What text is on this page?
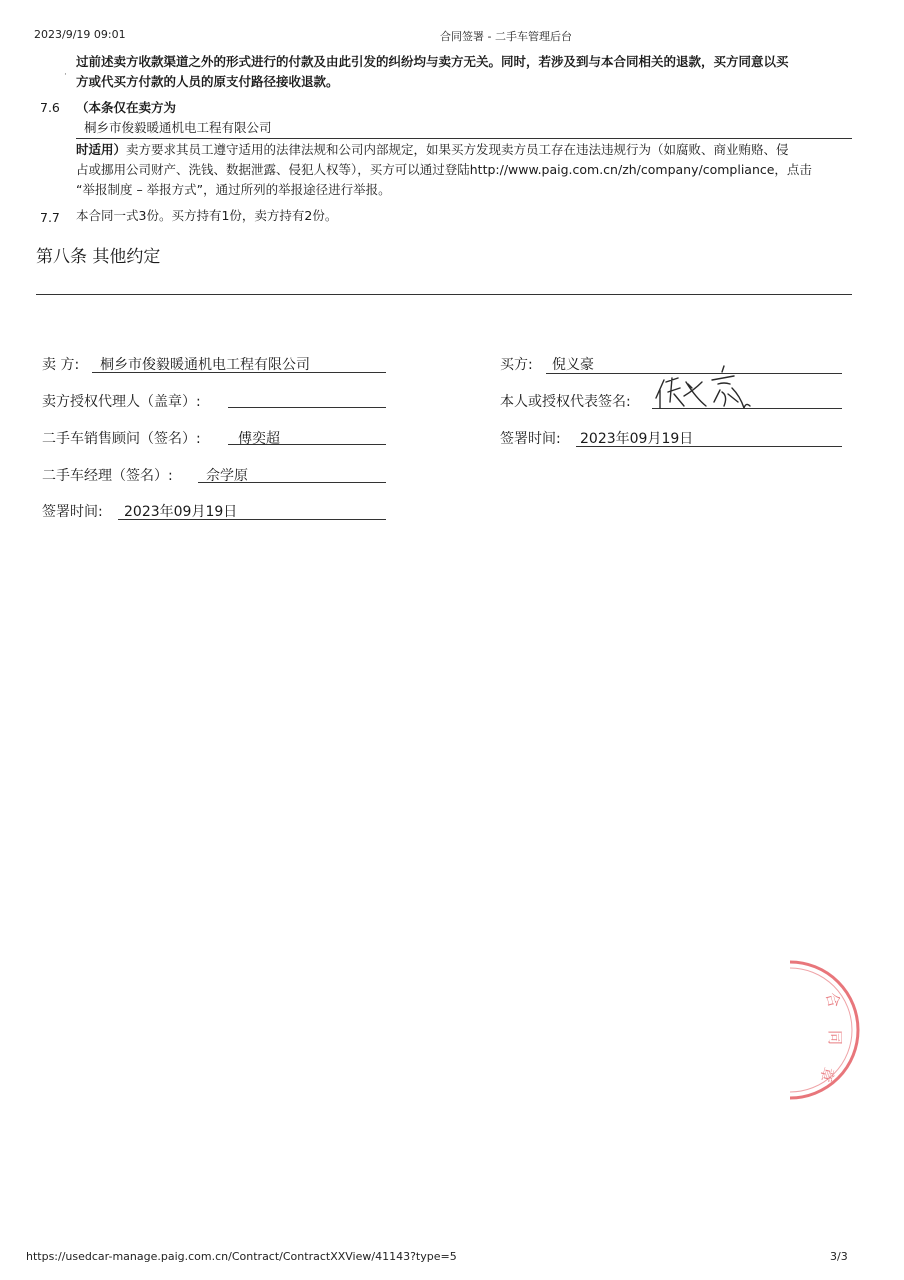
2023/9/19 09:01	合同签署 - 二手车管理后台
过前述卖方收款渠道之外的形式进行的付款及由此引发的纠纷均与卖方无关。同时，若涉及到与本合同相关的退款，买方同意以买
方或代买方付款的人员的原支付路径接收退款。
·
7.6 （本条仅在卖方为
桐乡市俊毅暖通机电工程有限公司
时适用）卖方要求其员工遵守适用的法律法规和公司内部规定，如果买方发现卖方员工存在违法违规行为（如腐败、商业贿赂、侵
占或挪用公司财产、洗钱、数据泄露、侵犯人权等），买方可以通过登陆http://www.paig.com.cn/zh/company/compliance，点击
“举报制度 – 举报方式”，通过所列的举报途径进行举报。
7.7 本合同一式3份。买方持有1份，卖方持有2份。
第八条 其他约定
卖 方: 桐乡市俊毅暖通机电工程有限公司
卖方授权代理人（盖章）:
二手车销售顾问（签名）:	傅奕超
二手车经理（签名）: 佘学原
签署时间: 2023年09月19日
买方: 倪义豪
本人或授权代表签名:
签署时间: 2023年09月19日
合
同
章
https://usedcar-manage.paig.com.cn/Contract/ContractXXView/41143?type=5	3/3
